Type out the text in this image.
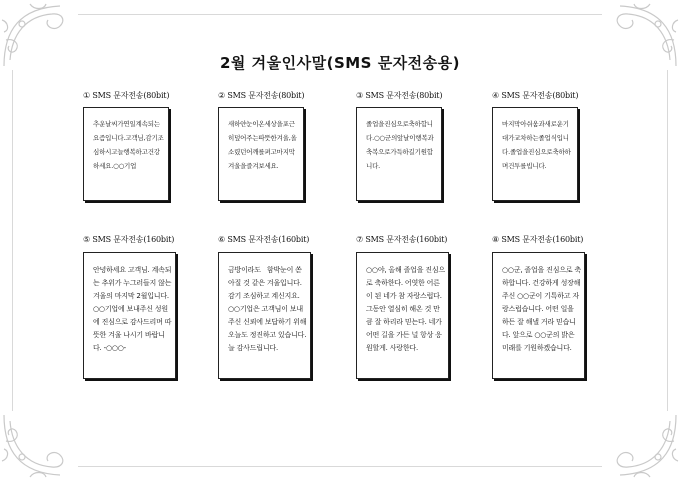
2월 겨울인사말(SMS 문자전송용)
① SMS 문자전송(80bit)
추운날씨가연일계속되는요즘입니다.고객님,감기조심하시고늘행복하고건강하세요.○○기업
② SMS 문자전송(80bit)
새하얀눈이온세상을포근히덮어주는따뜻한겨울,올소렸던어깨를펴고마지막겨울을즐겨보세요.
③ SMS 문자전송(80bit)
졸업을진심으로축하합니다.○○군의앞날이행복과축복으로가득하길기원합니다.
④ SMS 문자전송(80bit)
마지막아쉬움과새로운기대가교차하는졸업식입니다.졸업을진심으로축하하며건투를빕니다.
⑤ SMS 문자전송(160bit)
안녕하세요 고객님. 계속되는 추위가 누그러들지 않는 겨울의 마지막 2월입니다. ○○기업에 보내주신 성원에 진심으로 감사드리며 따뜻한 겨울 나시기 바랍니다. -○○○-
⑥ SMS 문자전송(160bit)
금방이라도   함박눈이 쏟아질 것 같은 겨울입니다. 감기 조심하고 계신지요. ○○기업은 고객님이 보내주신 신뢰에 보답하기 위해 오늘도 정진하고 있습니다. 늘 감사드립니다.
⑦ SMS 문자전송(160bit)
○○야, 올해 졸업을 진심으로 축하한다. 어엿한 어른이 된 네가 참 자랑스럽다. 그동안 열심히 해온 것 만큼 잘 하리라 믿는다. 네가 어떤 길을 가든 널 항상 응원할게. 사랑한다.
⑧ SMS 문자전송(160bit)
○○군, 졸업을 진심으로 축하합니다. 건강하게 성장해주신 ○○군이 기특하고 자랑스럽습니다. 어떤 일을 하든 잘 해낼 거라 믿습니다. 앞으로 ○○군의 밝은 미래를 기원하겠습니다.
